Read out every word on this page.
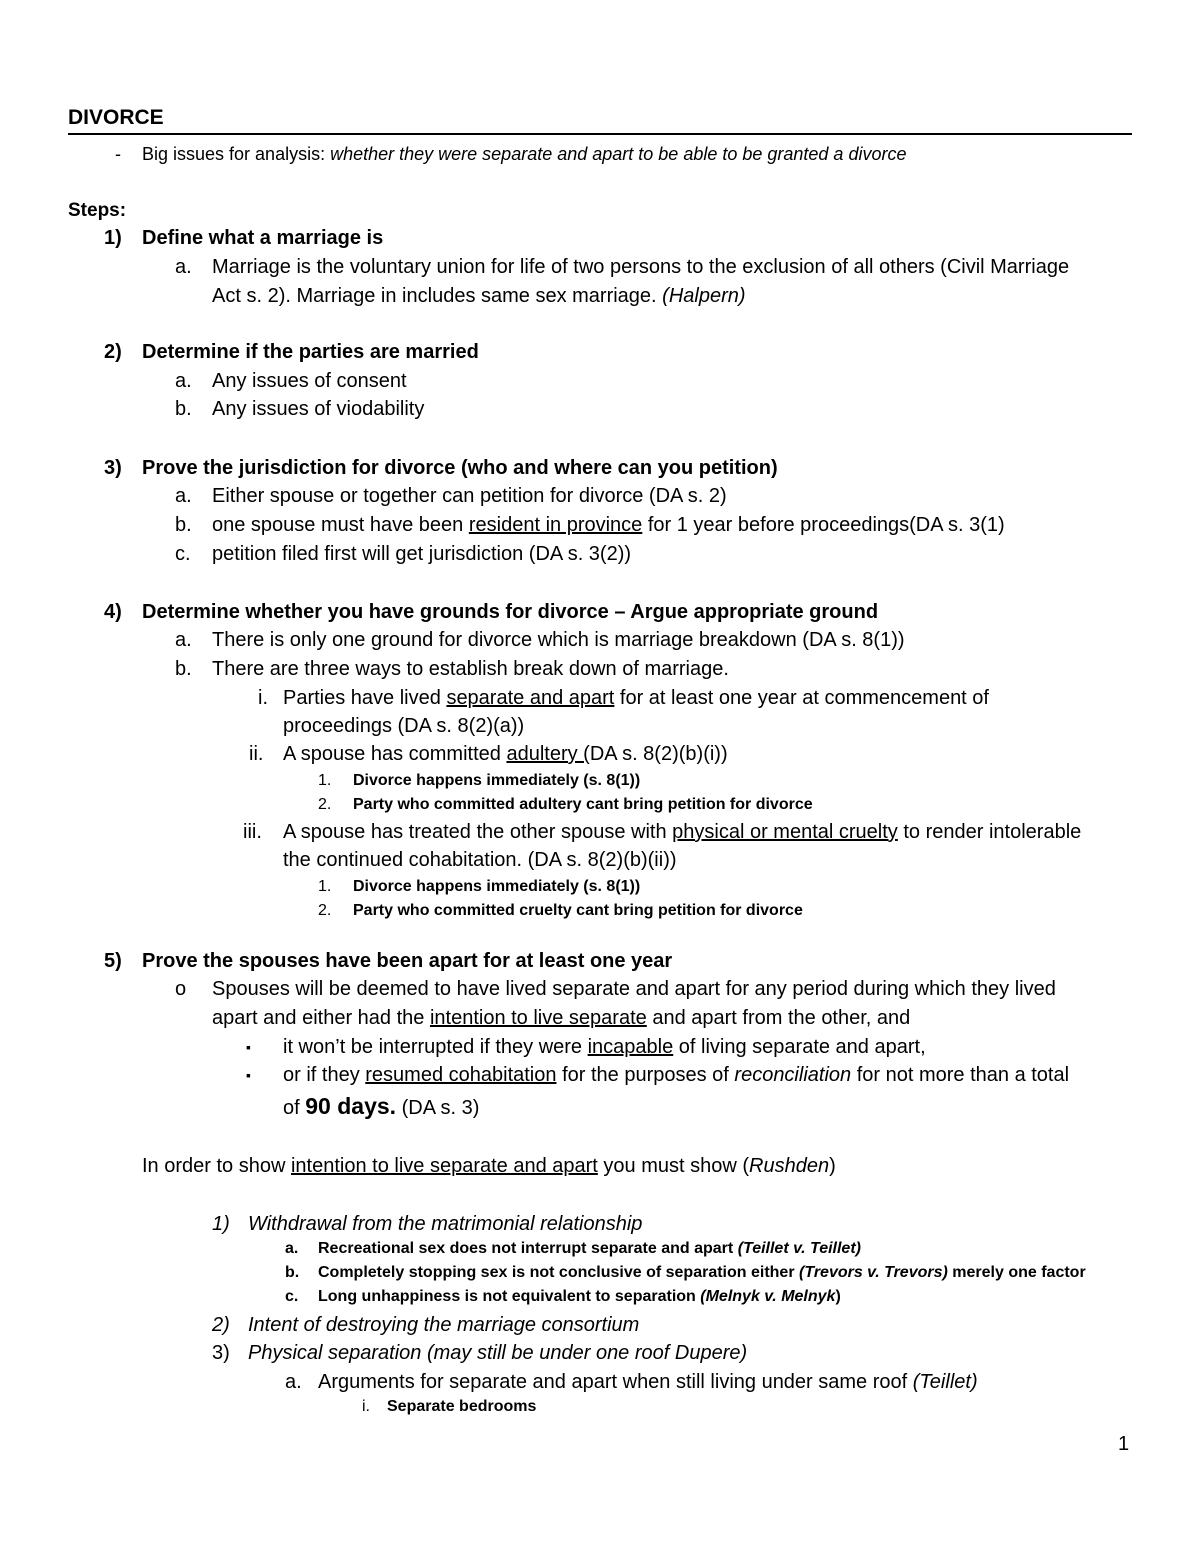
DIVORCE
- Big issues for analysis: whether they were separate and apart to be able to be granted a divorce
Steps:
1) Define what a marriage is
a. Marriage is the voluntary union for life of two persons to the exclusion of all others (Civil Marriage
Act s. 2). Marriage in includes same sex marriage. (Halpern)
2) Determine if the parties are married
a. Any issues of consent
b. Any issues of viodability
3) Prove the jurisdiction for divorce (who and where can you petition)
a. Either spouse or together can petition for divorce (DA s. 2)
b. one spouse must have been resident in province for 1 year before proceedings(DA s. 3(1)
c. petition filed first will get jurisdiction (DA s. 3(2))
4) Determine whether you have grounds for divorce – Argue appropriate ground
a. There is only one ground for divorce which is marriage breakdown (DA s. 8(1))
b. There are three ways to establish break down of marriage.
i. Parties have lived separate and apart for at least one year at commencement of
proceedings (DA s. 8(2)(a))
ii. A spouse has committed adultery (DA s. 8(2)(b)(i))
1. Divorce happens immediately (s. 8(1))
2. Party who committed adultery cant bring petition for divorce
iii. A spouse has treated the other spouse with physical or mental cruelty to render intolerable
the continued cohabitation. (DA s. 8(2)(b)(ii))
1. Divorce happens immediately (s. 8(1))
2. Party who committed cruelty cant bring petition for divorce
5) Prove the spouses have been apart for at least one year
o Spouses will be deemed to have lived separate and apart for any period during which they lived
apart and either had the intention to live separate and apart from the other, and
▪ it won’t be interrupted if they were incapable of living separate and apart,
▪ or if they resumed cohabitation for the purposes of reconciliation for not more than a total
of 90 days. (DA s. 3)
In order to show intention to live separate and apart you must show (Rushden)
1) Withdrawal from the matrimonial relationship
a. Recreational sex does not interrupt separate and apart (Teillet v. Teillet)
b. Completely stopping sex is not conclusive of separation either (Trevors v. Trevors) merely one factor
c. Long unhappiness is not equivalent to separation (Melnyk v. Melnyk)
2) Intent of destroying the marriage consortium
3) Physical separation (may still be under one roof Dupere)
a. Arguments for separate and apart when still living under same roof (Teillet)
i. Separate bedrooms
1
